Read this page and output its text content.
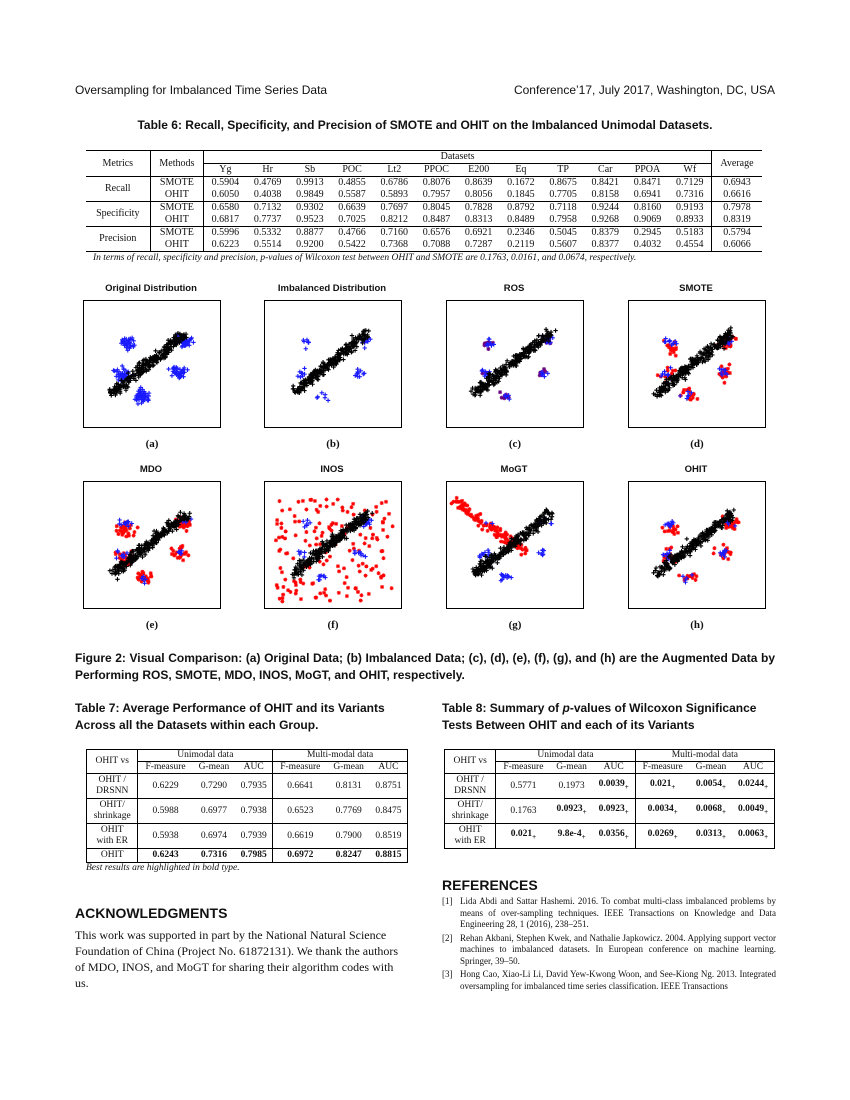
Oversampling for Imbalanced Time Series Data	Conference’17, July 2017, Washington, DC, USA
Table 6: Recall, Specificity, and Precision of SMOTE and OHIT on the Imbalanced Unimodal Datasets.
Metrics	Methods	Datasets												Average
		Yg	Hr	Sb	POC	Lt2	PPOC	E200	Eq	TP	Car	PPOA	Wf	
Recall	SMOTE	0.5904	0.4769	0.9913	0.4855	0.6786	0.8076	0.8639	0.1672	0.8675	0.8421	0.8471	0.7129	0.6943
	OHIT	0.6050	0.4038	0.9849	0.5587	0.5893	0.7957	0.8056	0.1845	0.7705	0.8158	0.6941	0.7316	0.6616
Specificity	SMOTE	0.6580	0.7132	0.9302	0.6639	0.7697	0.8045	0.7828	0.8792	0.7118	0.9244	0.8160	0.9193	0.7978
	OHIT	0.6817	0.7737	0.9523	0.7025	0.8212	0.8487	0.8313	0.8489	0.7958	0.9268	0.9069	0.8933	0.8319
Precision	SMOTE	0.5996	0.5332	0.8877	0.4766	0.7160	0.6576	0.6921	0.2346	0.5045	0.8379	0.2945	0.5183	0.5794
	OHIT	0.6223	0.5514	0.9200	0.5422	0.7368	0.7088	0.7287	0.2119	0.5607	0.8377	0.4032	0.4554	0.6066
In terms of recall, specificity and precision, p-values of Wilcoxon test between OHIT and SMOTE are 0.1763, 0.0161, and 0.0674, respectively.
Original Distribution
(a)
Imbalanced Distribution
(b)
ROS
(c)
SMOTE
(d)
MDO
(e)
INOS
(f)
MoGT
(g)
OHIT
(h)
Figure 2: Visual Comparison: (a) Original Data; (b) Imbalanced Data; (c), (d), (e), (f), (g), and (h) are the Augmented Data by Performing ROS, SMOTE, MDO, INOS, MoGT, and OHIT, respectively.
Table 7: Average Performance of OHIT and its Variants Across all the Datasets within each Group.
OHIT vs	Unimodal data			Multi-modal data		
	F-measure	G-mean	AUC	F-measure	G-mean	AUC

OHIT /
DRSNN	0.6229	0.7290	0.7935	0.6641	0.8131	0.8751

OHIT/
shrinkage	0.5988	0.6977	0.7938	0.6523	0.7769	0.8475

OHIT
with ER	0.5938	0.6974	0.7939	0.6619	0.7900	0.8519

OHIT	0.6243	0.7316	0.7985	0.6972	0.8247	0.8815
Best results are highlighted in bold type.
Table 8: Summary of p-values of Wilcoxon Significance Tests Between OHIT and each of its Variants
OHIT vs	Unimodal data			Multi-modal data		
	F-measure	G-mean	AUC	F-measure	G-mean	AUC

OHIT /
DRSNN	0.5771	0.1973	$0.0039_+$	$0.021_+$	$0.0054_+$	$0.0244_+$

OHIT/
shrinkage	0.1763	$0.0923_+$	$0.0923_+$	$0.0034_+$	$0.0068_+$	$0.0049_+$

OHIT
with ER	$0.021_+$	$9.8e-4_+$	$0.0356_+$	$0.0269_+$	$0.0313_+$	$0.0063_+$
ACKNOWLEDGMENTS
This work was supported in part by the National Natural Science Foundation of China (Project No. 61872131). We thank the authors of MDO, INOS, and MoGT for sharing their algorithm codes with us.
REFERENCES
[1] Lida Abdi and Sattar Hashemi. 2016. To combat multi-class imbalanced problems by means of over-sampling techniques. IEEE Transactions on Knowledge and Data Engineering 28, 1 (2016), 238–251.
[2] Rehan Akbani, Stephen Kwek, and Nathalie Japkowicz. 2004. Applying support vector machines to imbalanced datasets. In European conference on machine learning. Springer, 39–50.
[3] Hong Cao, Xiao-Li Li, David Yew-Kwong Woon, and See-Kiong Ng. 2013. Integrated oversampling for imbalanced time series classification. IEEE Transactions
